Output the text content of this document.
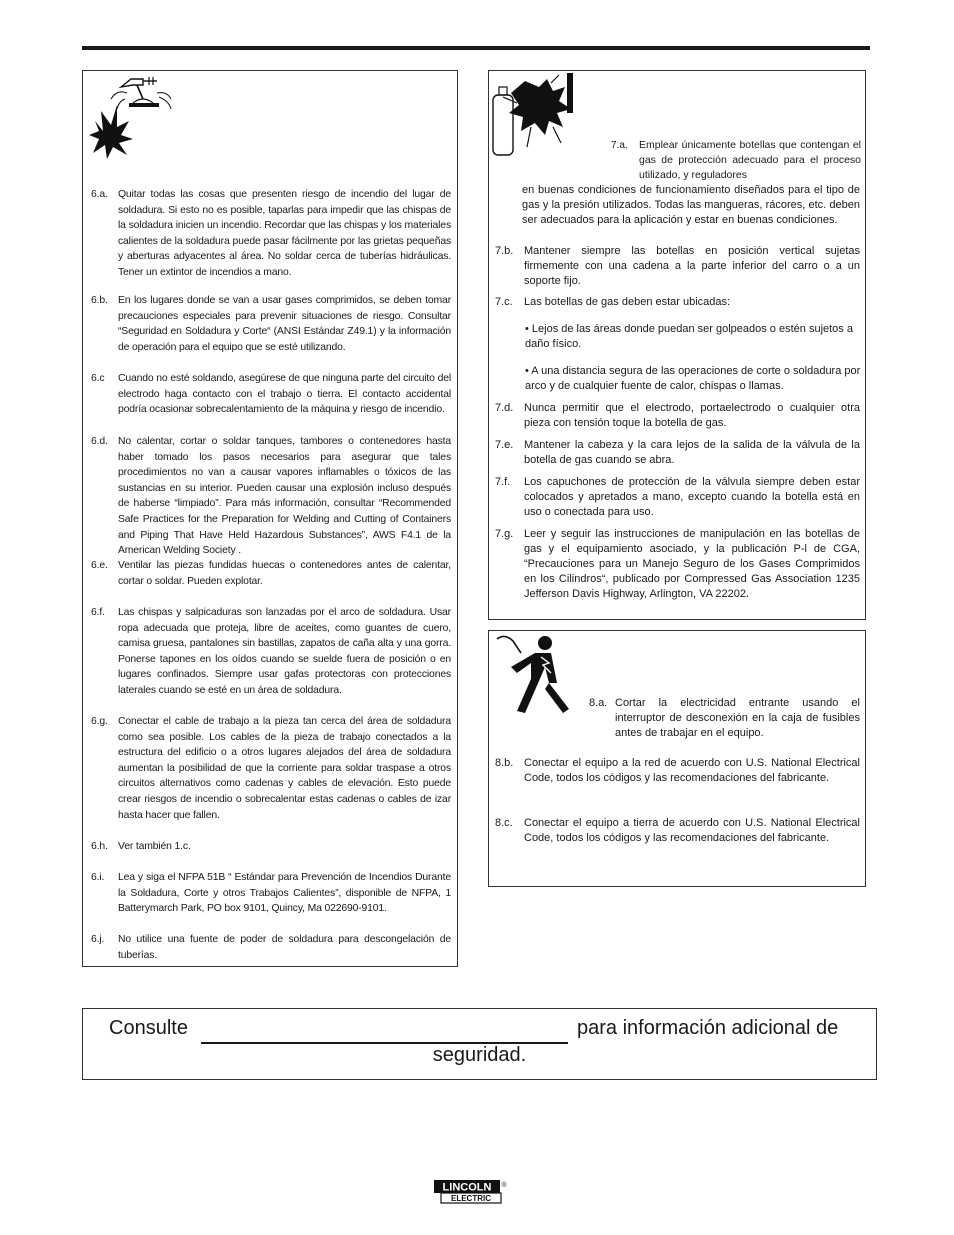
6.a. Quitar todas las cosas que presenten riesgo de incendio del lugar de soldadura. Si esto no es posible, taparlas para impedir que las chispas de la soldadura inicien un incendio. Recordar que las chispas y los materiales calientes de la soldadura puede pasar fácilmente por las grietas pequeñas y aberturas adyacentes al área. No soldar cerca de tuberías hidráulicas. Tener un extintor de incendios a mano.
6.b. En los lugares donde se van a usar gases comprimidos, se deben tomar precauciones especiales para prevenir situaciones de riesgo. Consultar “Seguridad en Soldadura y Corte“ (ANSI Estándar Z49.1) y la información de operación para el equipo que se esté utilizando.
6.c Cuando no esté soldando, asegúrese de que ninguna parte del circuito del electrodo haga contacto con el trabajo o tierra. El contacto accidental podría ocasionar sobrecalentamiento de la máquina y riesgo de incendio.
6.d. No calentar, cortar o soldar tanques, tambores o contenedores hasta haber tomado los pasos necesarios para asegurar que tales procedimientos no van a causar vapores inflamables o tóxicos de las sustancias en su interior. Pueden causar una explosión incluso después de haberse “limpiado”. Para más información, consultar “Recommended Safe Practices for the Preparation for Welding and Cutting of Containers and Piping That Have Held Hazardous Substances”, AWS F4.1 de la American Welding Society .
6.e. Ventilar las piezas fundidas huecas o contenedores antes de calentar, cortar o soldar. Pueden explotar.
6.f. Las chispas y salpicaduras son lanzadas por el arco de soldadura. Usar ropa adecuada que proteja, libre de aceites, como guantes de cuero, camisa gruesa, pantalones sin bastillas, zapatos de caña alta y una gorra. Ponerse tapones en los oídos cuando se suelde fuera de posición o en lugares confinados. Siempre usar gafas protectoras con protecciones laterales cuando se esté en un área de soldadura.
6.g. Conectar el cable de trabajo a la pieza tan cerca del área de soldadura como sea posible. Los cables de la pieza de trabajo conectados a la estructura del edificio o a otros lugares alejados del área de soldadura aumentan la posibilidad de que la corriente para soldar traspase a otros circuitos alternativos como cadenas y cables de elevación. Esto puede crear riesgos de incendio o sobrecalentar estas cadenas o cables de izar hasta hacer que fallen.
6.h. Ver también 1.c.
6.i. Lea y siga el NFPA 51B “ Estándar para Prevención de Incendios Durante la Soldadura, Corte y otros Trabajos Calientes”, disponible de NFPA, 1 Batterymarch Park, PO box 9101, Quincy, Ma 022690-9101.
6.j. No utilice una fuente de poder de soldadura para descongelación de tuberías.
7.a. Emplear únicamente botellas que contengan el gas de protección adecuado para el proceso utilizado, y reguladores
en buenas condiciones de funcionamiento diseñados para el tipo de gas y la presión utilizados. Todas las mangueras, rácores, etc. deben ser adecuados para la aplicación y estar en buenas condiciones.
7.b. Mantener siempre las botellas en posición vertical sujetas firmemente con una cadena a la parte inferior del carro o a un soporte fijo.
7.c. Las botellas de gas deben estar ubicadas:
• Lejos de las áreas donde puedan ser golpeados o estén sujetos a daño físico.
• A una distancia segura de las operaciones de corte o soldadura por arco y de cualquier fuente de calor, chispas o llamas.
7.d. Nunca permitir que el electrodo, portaelectrodo o cualquier otra pieza con tensión toque la botella de gas.
7.e. Mantener la cabeza y la cara lejos de la salida de la válvula de la botella de gas cuando se abra.
7.f. Los capuchones de protección de la válvula siempre deben estar colocados y apretados a mano, excepto cuando la botella está en uso o conectada para uso.
7.g. Leer y seguir las instrucciones de manipulación en las botellas de gas y el equipamiento asociado, y la publicación P-l de CGA, “Precauciones para un Manejo Seguro de los Gases Comprimidos en los Cilindros“, publicado por Compressed Gas Association 1235 Jefferson Davis Highway, Arlington, VA 22202.
8.a. Cortar la electricidad entrante usando el interruptor de desconexión en la caja de fusibles antes de trabajar en el equipo.
8.b. Conectar el equipo a la red de acuerdo con U.S. National Electrical Code, todos los códigos y las recomendaciones del fabricante.
8.c. Conectar el equipo a tierra de acuerdo con U.S. National Electrical Code, todos los códigos y las recomendaciones del fabricante.
Consulte	para información adicional de
seguridad.
LINCOLN
ELECTRIC
®
